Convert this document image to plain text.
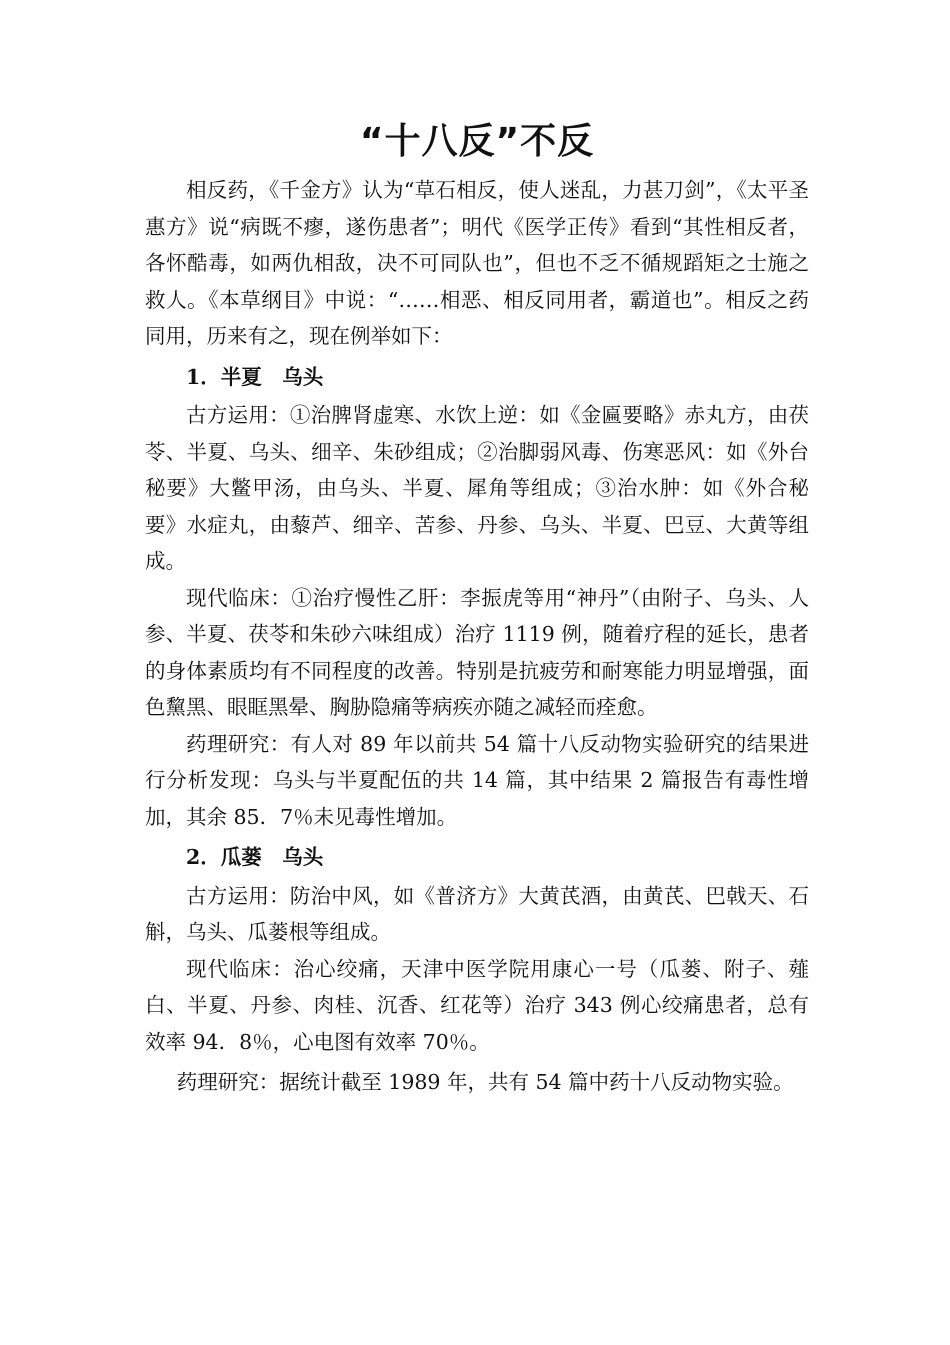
“十八反”不反

相反药，《千金方》认为“草石相反，使人迷乱，力甚刀剑”，《太平圣惠方》说“病既不瘳，遂伤患者”；明代《医学正传》看到“其性相反者，各怀酷毒，如两仇相敌，决不可同队也”，但也不乏不循规蹈矩之士施之救人。《本草纲目》中说：“……相恶、相反同用者，霸道也”。相反之药同用，历来有之，现在例举如下：

1．半夏　乌头

古方运用：①治脾肾虚寒、水饮上逆：如《金匾要略》赤丸方，由茯苓、半夏、乌头、细辛、朱砂组成；②治脚弱风毒、伤寒恶风：如《外台秘要》大鳖甲汤，由乌头、半夏、犀角等组成；③治水肿：如《外合秘要》水症丸，由藜芦、细辛、苦参、丹参、乌头、半夏、巴豆、大黄等组成。

现代临床：①治疗慢性乙肝：李振虎等用“神丹”（由附子、乌头、人参、半夏、茯苓和朱砂六味组成）治疗 1119 例，随着疗程的延长，患者的身体素质均有不同程度的改善。特别是抗疲劳和耐寒能力明显增强，面色黧黑、眼眶黑晕、胸胁隐痛等病疾亦随之减轻而痊愈。

药理研究：有人对 89 年以前共 54 篇十八反动物实验研究的结果进行分析发现：乌头与半夏配伍的共 14 篇，其中结果 2 篇报告有毒性增加，其余 85．7％未见毒性增加。

2．瓜蒌　乌头

古方运用：防治中风，如《普济方》大黄芪酒，由黄芪、巴戟天、石斛，乌头、瓜蒌根等组成。

现代临床：治心绞痛，天津中医学院用康心一号（瓜蒌、附子、薤白、半夏、丹参、肉桂、沉香、红花等）治疗 343 例心绞痛患者，总有效率 94．8％，心电图有效率 70％。

药理研究：据统计截至 1989 年，共有 54 篇中药十八反动物实验。
